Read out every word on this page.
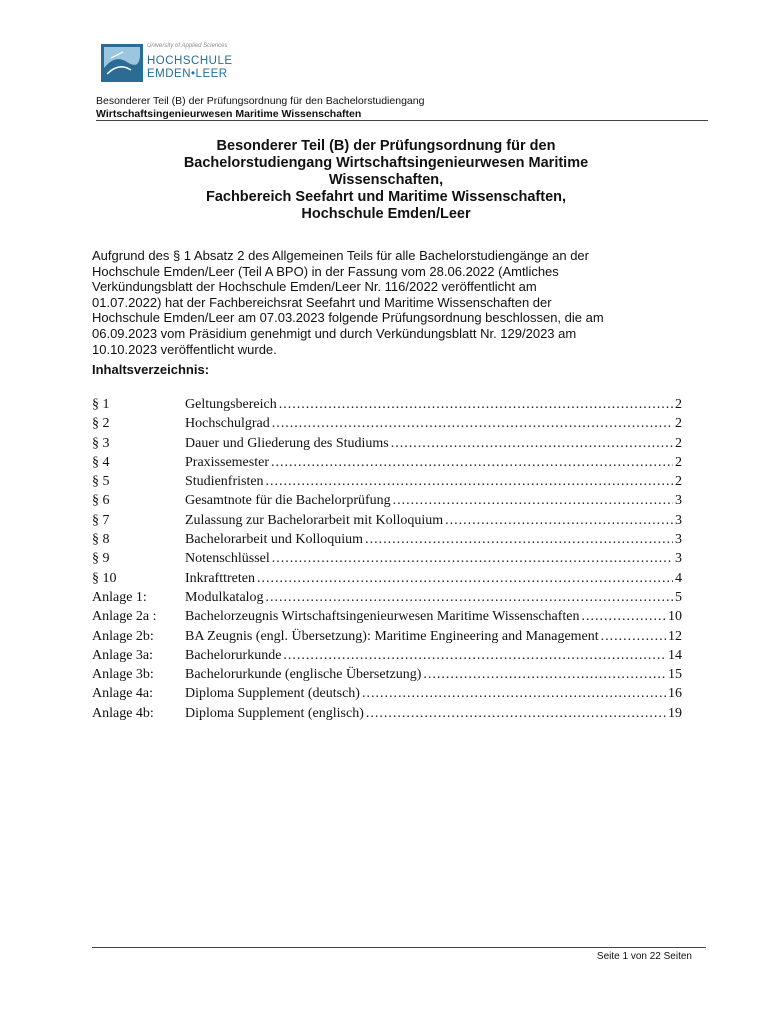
University of Applied Sciences
HOCHSCHULE
EMDEN•LEER
Besonderer Teil (B) der Prüfungsordnung für den Bachelorstudiengang
Wirtschaftsingenieurwesen Maritime Wissenschaften
Besonderer Teil (B) der Prüfungsordnung für den
Bachelorstudiengang Wirtschaftsingenieurwesen Maritime
Wissenschaften,
Fachbereich Seefahrt und Maritime Wissenschaften,
Hochschule Emden/Leer
Aufgrund des § 1 Absatz 2 des Allgemeinen Teils für alle Bachelorstudiengänge an der
Hochschule Emden/Leer (Teil A BPO) in der Fassung vom 28.06.2022 (Amtliches
Verkündungsblatt der Hochschule Emden/Leer Nr. 116/2022 veröffentlicht am
01.07.2022) hat der Fachbereichsrat Seefahrt und Maritime Wissenschaften der
Hochschule Emden/Leer am 07.03.2023 folgende Prüfungsordnung beschlossen, die am
06.09.2023 vom Präsidium genehmigt und durch Verkündungsblatt Nr. 129/2023 am
10.10.2023 veröffentlicht wurde.
Inhaltsverzeichnis:
§ 1	Geltungsbereich .....	2
§ 2	Hochschulgrad .....	2
§ 3	Dauer und Gliederung des Studiums .....	2
§ 4	Praxissemester .....	2
§ 5	Studienfristen .....	2
§ 6	Gesamtnote für die Bachelorprüfung .....	3
§ 7	Zulassung zur Bachelorarbeit mit Kolloquium .....	3
§ 8	Bachelorarbeit und Kolloquium .....	3
§ 9	Notenschlüssel .....	3
§ 10	Inkrafttreten .....	4
Anlage 1:	Modulkatalog .....	5
Anlage 2a :	Bachelorzeugnis Wirtschaftsingenieurwesen Maritime Wissenschaften .....	10
Anlage 2b:	BA Zeugnis (engl. Übersetzung): Maritime Engineering and Management .....	12
Anlage 3a:	Bachelorurkunde .....	14
Anlage 3b:	Bachelorurkunde (englische Übersetzung) .....	15
Anlage 4a:	Diploma Supplement (deutsch) .....	16
Anlage 4b:	Diploma Supplement (englisch) .....	19
Seite 1 von 22 Seiten
